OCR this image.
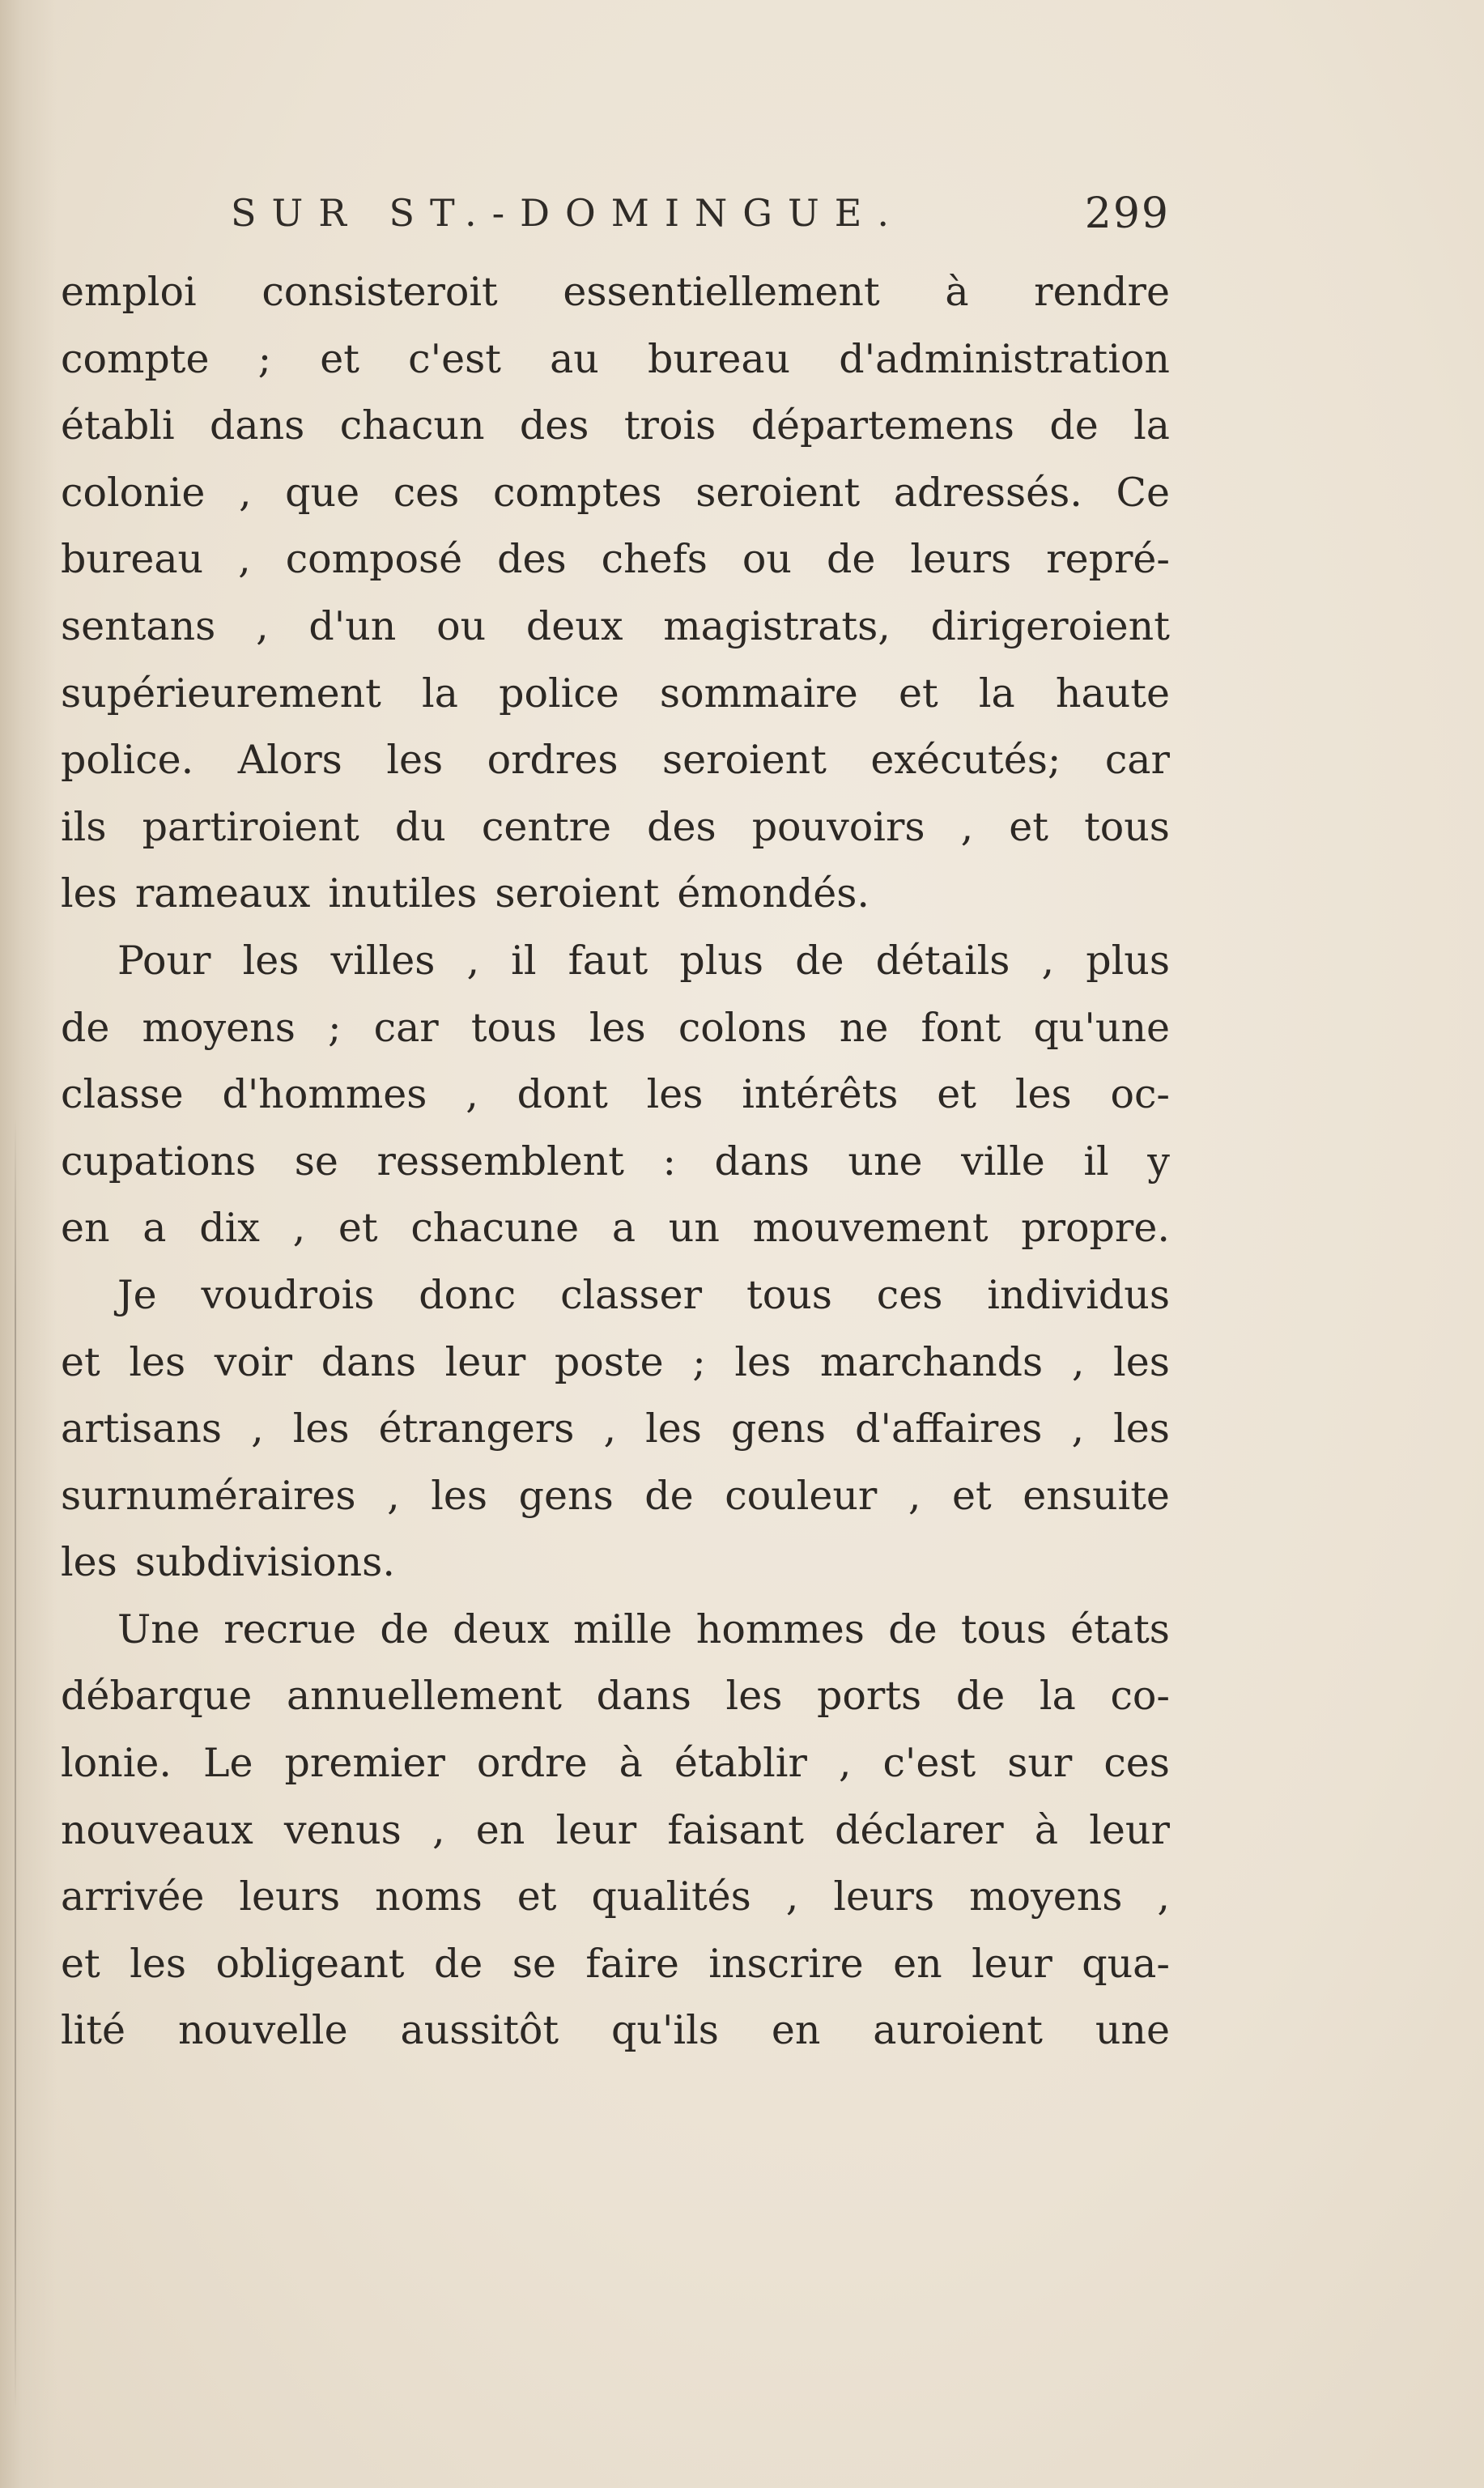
SUR ST.-DOMINGUE.	299
emploi consisteroit essentiellement à rendre
compte ; et c'est au bureau d'administration
établi dans chacun des trois départemens de la
colonie , que ces comptes seroient adressés. Ce
bureau , composé des chefs ou de leurs repré-
sentans , d'un ou deux magistrats, dirigeroient
supérieurement la police sommaire et la haute
police. Alors les ordres seroient exécutés; car
ils partiroient du centre des pouvoirs , et tous
les rameaux inutiles seroient émondés.
Pour les villes , il faut plus de détails , plus
de moyens ; car tous les colons ne font qu'une
classe d'hommes , dont les intérêts et les oc-
cupations se ressemblent : dans une ville il y
en a dix , et chacune a un mouvement propre.
Je voudrois donc classer tous ces individus
et les voir dans leur poste ; les marchands , les
artisans , les étrangers , les gens d'affaires , les
surnuméraires , les gens de couleur , et ensuite
les subdivisions.
Une recrue de deux mille hommes de tous états
débarque annuellement dans les ports de la co-
lonie. Le premier ordre à établir , c'est sur ces
nouveaux venus , en leur faisant déclarer à leur
arrivée leurs noms et qualités , leurs moyens ,
et les obligeant de se faire inscrire en leur qua-
lité nouvelle aussitôt qu'ils en auroient une
